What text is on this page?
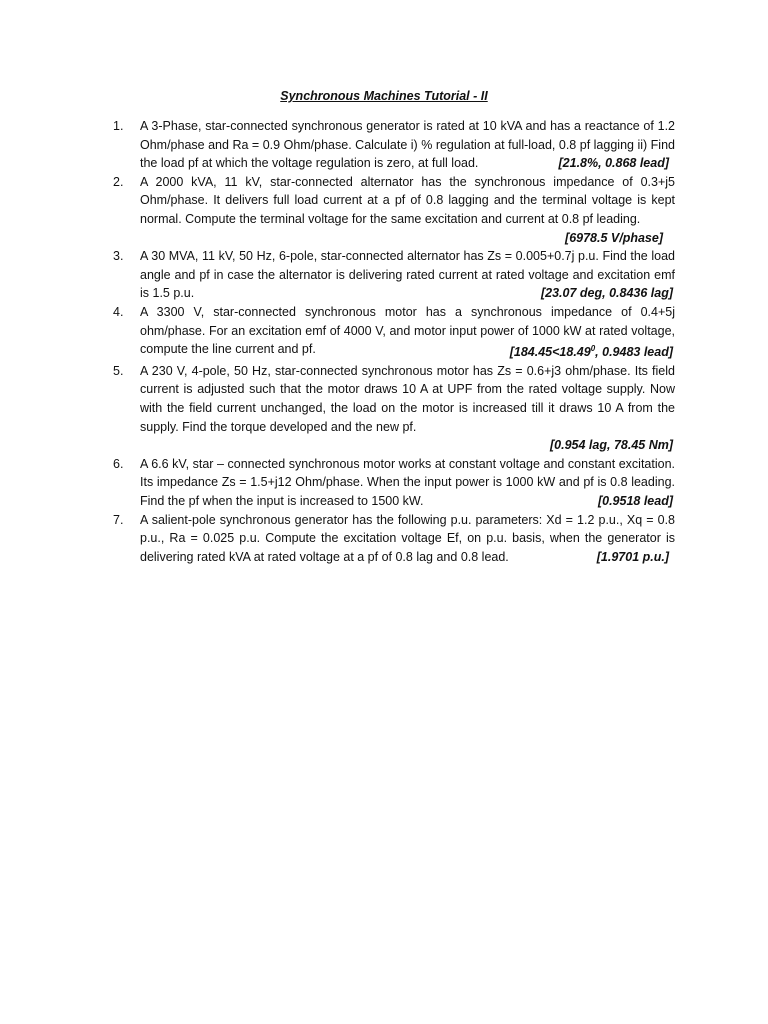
Synchronous Machines Tutorial - II
1. A 3-Phase, star-connected synchronous generator is rated at 10 kVA and has a reactance of 1.2 Ohm/phase and Ra = 0.9 Ohm/phase. Calculate i) % regulation at full-load, 0.8 pf lagging ii) Find the load pf at which the voltage regulation is zero, at full load.	[21.8%, 0.868 lead]
2. A 2000 kVA, 11 kV, star-connected alternator has the synchronous impedance of 0.3+j5 Ohm/phase. It delivers full load current at a pf of 0.8 lagging and the terminal voltage is kept normal. Compute the terminal voltage for the same excitation and current at 0.8 pf leading.
[6978.5 V/phase]
3. A 30 MVA, 11 kV, 50 Hz, 6-pole, star-connected alternator has Zs = 0.005+0.7j p.u. Find the load angle and pf in case the alternator is delivering rated current at rated voltage and excitation emf is 1.5 p.u.	[23.07 deg, 0.8436 lag]
4. A 3300 V, star-connected synchronous motor has a synchronous impedance of 0.4+5j ohm/phase. For an excitation emf of 4000 V, and motor input power of 1000 kW at rated voltage, compute the line current and pf.	[$184.45<18.49^0$, 0.9483 lead]
5. A 230 V, 4-pole, 50 Hz, star-connected synchronous motor has Zs = 0.6+j3 ohm/phase. Its field current is adjusted such that the motor draws 10 A at UPF from the rated voltage supply. Now with the field current unchanged, the load on the motor is increased till it draws 10 A from the supply. Find the torque developed and the new pf.
[0.954 lag, 78.45 Nm]
6. A 6.6 kV, star – connected synchronous motor works at constant voltage and constant excitation. Its impedance Zs = 1.5+j12 Ohm/phase. When the input power is 1000 kW and pf is 0.8 leading. Find the pf when the input is increased to 1500 kW.	[0.9518 lead]
7. A salient-pole synchronous generator has the following p.u. parameters: Xd = 1.2 p.u., Xq = 0.8 p.u., Ra = 0.025 p.u. Compute the excitation voltage Ef, on p.u. basis, when the generator is delivering rated kVA at rated voltage at a pf of 0.8 lag and 0.8 lead.	[1.9701 p.u.]
